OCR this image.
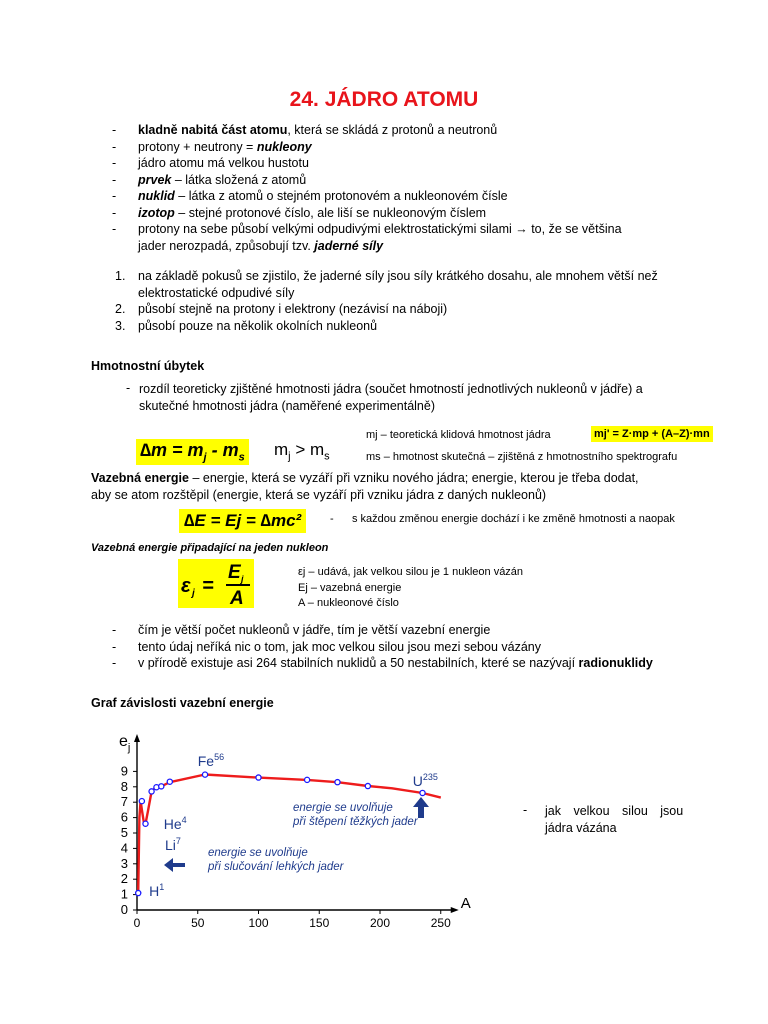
24. JÁDRO ATOMU
- kladně nabitá část atomu, která se skládá z protonů a neutronů
- protony + neutrony = nukleony
- jádro atomu má velkou hustotu
- prvek – látka složená z atomů
- nuklid – látka z atomů o stejném protonovém a nukleonovém čísle
- izotop – stejné protonové číslo, ale liší se nukleonovým číslem
- protony na sebe působí velkými odpudivými elektrostatickými silami → to, že se většina
jader nerozpadá, způsobují tzv. jaderné síly
1. na základě pokusů se zjistilo, že jaderné síly jsou síly krátkého dosahu, ale mnohem větší než
elektrostatické odpudivé síly
2. působí stejně na protony i elektrony (nezávisí na náboji)
3. působí pouze na několik okolních nukleonů
Hmotnostní úbytek
- rozdíl teoreticky zjištěné hmotnosti jádra (součet hmotností jednotlivých nukleonů v jádře) a
skutečné hmotnosti jádra (naměřené experimentálně)
$\Delta m = m_j - m_s$ $m_j > m_s$
mj – teoretická klidová hmotnost jádra
ms – hmotnost skutečná – zjištěná z hmotnostního spektrografu
mj' = Z·mp + (A–Z)·mn
Vazebná energie – energie, která se vyzáří při vzniku nového jádra; energie, kterou je třeba dodat,
aby se atom rozštěpil (energie, která se vyzáří při vzniku jádra z daných nukleonů)
∆E = Ej = ∆mc²	- s každou změnou energie dochází i ke změně hmotnosti a naopak
Vazebná energie připadající na jeden nukleon
ε j =
E j
A
εj – udává, jak velkou silou je 1 nukleon vázán
Ej – vazebná energie
A – nukleonové číslo
- čím je větší počet nukleonů v jádře, tím je větší vazební energie
- tento údaj neříká nic o tom, jak moc velkou silou jsou mezi sebou vázány
- v přírodě existuje asi 264 stabilních nuklidů a 50 nestabilních, které se nazývají radionuklidy
Graf závislosti vazební energie
- jak velkou silou jsou
jádra vázána
0
1
2
3
4
5
6
7
8
9
0	50	100	150	200	250
$e_j$
A
Fe$^{56}$
$U^{235}$
He$^4$
Li$^7$
$H^1$
energie se uvolňuje
při štěpení těžkých jader
energie se uvolňuje
při slučování lehkých jader
